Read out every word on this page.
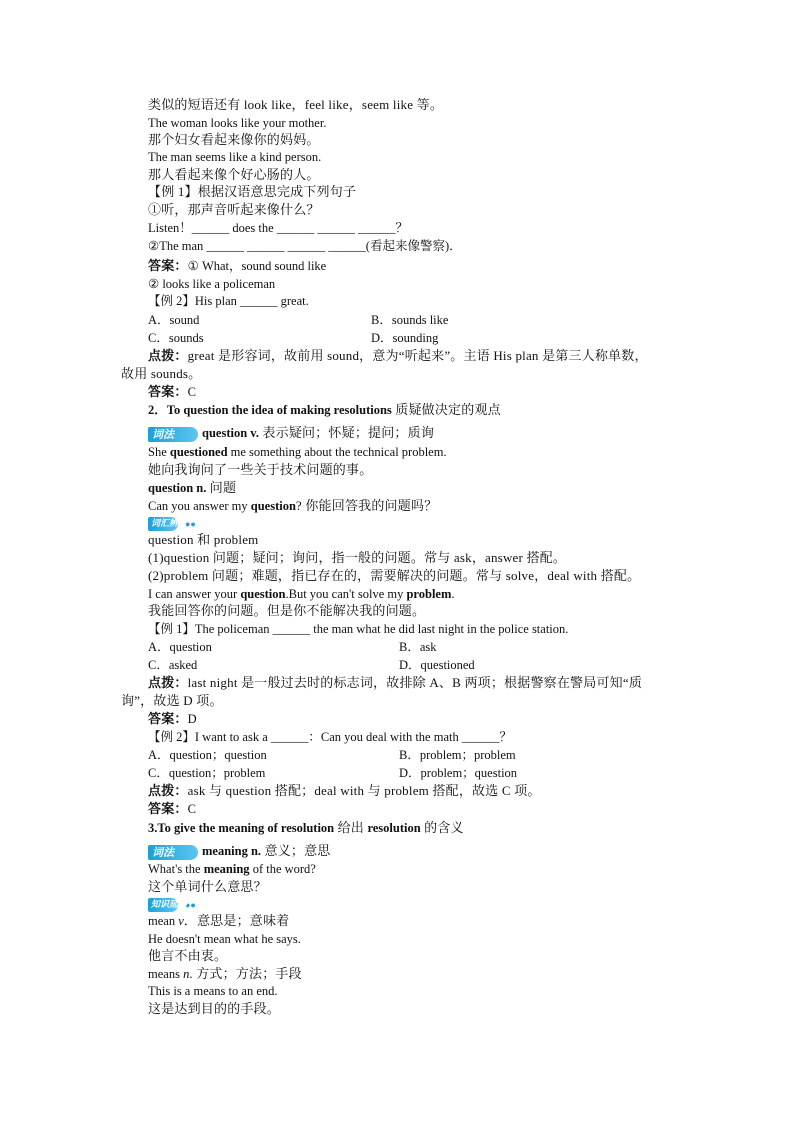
类似的短语还有 look like，feel like，seem like 等。
The woman looks like your mother.
那个妇女看起来像你的妈妈。
The man seems like a kind person.
那人看起来像个好心肠的人。
【例 1】根据汉语意思完成下列句子
①听，那声音听起来像什么？
Listen！______ does the ______ ______ ______？
②The man ______ ______ ______ ______(看起来像警察)．
答案：① What，sound sound like
② looks like a policeman
【例 2】His plan ______ great.
A．sound	B．sounds like
C．sounds	D．sounding
点拨：great 是形容词，故前用 sound，意为“听起来”。主语 His plan 是第三人称单数，
故用 sounds。
答案：C
2．To question the idea of making resolutions 质疑做决定的观点
词法 question v. 表示疑问；怀疑；提问；质询
She questioned me something about the technical problem.
她向我询问了一些关于技术问题的事。
question n. 问题
Can you answer my question? 你能回答我的问题吗？
词汇辨析●●
question 和 problem
(1)question 问题；疑问；询问，指一般的问题。常与 ask，answer 搭配。
(2)problem 问题；难题，指已存在的，需要解决的问题。常与 solve，deal with 搭配。
I can answer your question.But you can't solve my problem.
我能回答你的问题。但是你不能解决我的问题。
【例 1】The policeman ______ the man what he did last night in the police station.
A．question	B．ask
C．asked	D．questioned
点拨：last night 是一般过去时的标志词，故排除 A、B 两项；根据警察在警局可知“质
询”，故选 D 项。
答案：D
【例 2】I want to ask a ______：Can you deal with the math ______？
A．question；question	B．problem；problem
C．question；problem	D．problem；question
点拨：ask 与 question 搭配；deal with 与 problem 搭配，故选 C 项。
答案：C
3.To give the meaning of resolution 给出 resolution 的含义
词法 meaning n. 意义；意思
What's the meaning of the word?
这个单词什么意思？
知识延伸●●
mean v．意思是；意味着
He doesn't mean what he says.
他言不由衷。
means n. 方式；方法；手段
This is a means to an end.
这是达到目的的手段。
